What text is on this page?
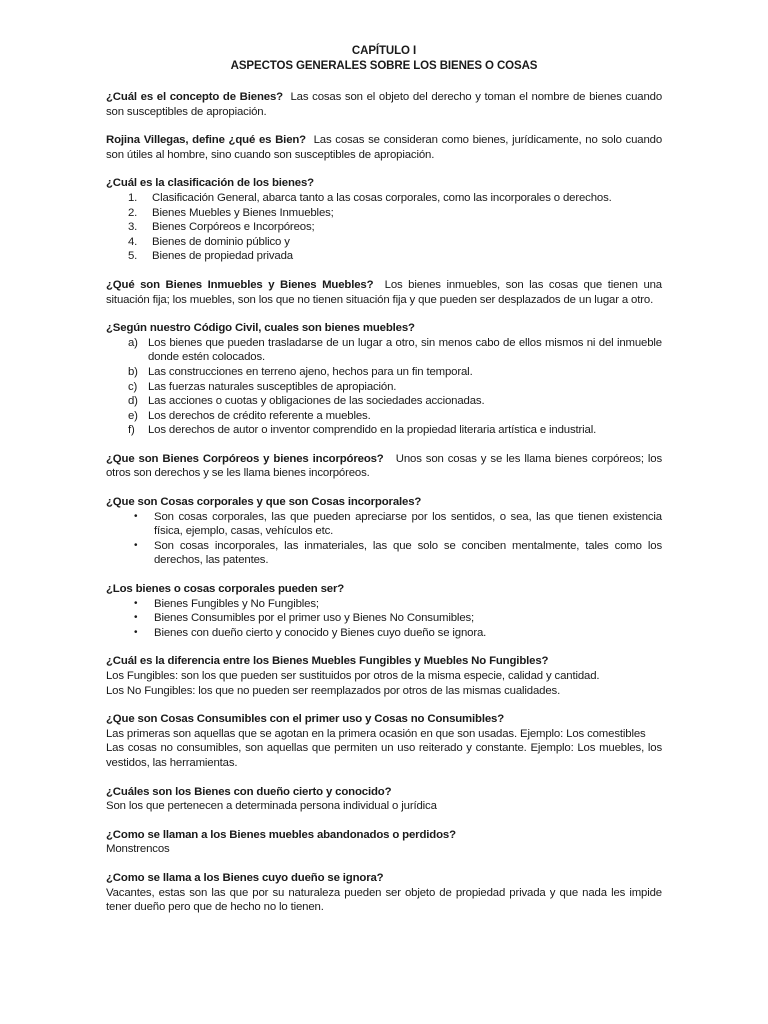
CAPÍTULO I
ASPECTOS GENERALES SOBRE LOS BIENES O COSAS

¿Cuál es el concepto de Bienes? Las cosas son el objeto del derecho y toman el nombre de bienes cuando son susceptibles de apropiación.

Rojina Villegas, define ¿qué es Bien? Las cosas se consideran como bienes, jurídicamente, no solo cuando son útiles al hombre, sino cuando son susceptibles de apropiación.

¿Cuál es la clasificación de los bienes?

1.	Clasificación General, abarca tanto a las cosas corporales, como las incorporales o derechos.
2.	Bienes Muebles y Bienes Inmuebles;
3.	Bienes Corpóreos e Incorpóreos;
4.	Bienes de dominio público y
5.	Bienes de propiedad privada

¿Qué son Bienes Inmuebles y Bienes Muebles? Los bienes inmuebles, son las cosas que tienen una situación fija; los muebles, son los que no tienen situación fija y que pueden ser desplazados de un lugar a otro.

¿Según nuestro Código Civil, cuales son bienes muebles?

a) Los bienes que pueden trasladarse de un lugar a otro, sin menos cabo de ellos mismos ni del inmueble donde estén colocados.
b) Las construcciones en terreno ajeno, hechos para un fin temporal.
c) Las fuerzas naturales susceptibles de apropiación.
d) Las acciones o cuotas y obligaciones de las sociedades accionadas.
e) Los derechos de crédito referente a muebles.
f)	Los derechos de autor o inventor comprendido en la propiedad literaria artística e industrial.

¿Que son Bienes Corpóreos y bienes incorpóreos? Unos son cosas y se les llama bienes corpóreos; los otros son derechos y se les llama bienes incorpóreos.

¿Que son Cosas corporales y que son Cosas incorporales?

•	Son cosas corporales, las que pueden apreciarse por los sentidos, o sea, las que tienen existencia física, ejemplo, casas, vehículos etc.
•	Son cosas incorporales, las inmateriales, las que solo se conciben mentalmente, tales como los derechos, las patentes.

¿Los bienes o cosas corporales pueden ser?

•	Bienes Fungibles y No Fungibles;
•	Bienes Consumibles por el primer uso y Bienes No Consumibles;
•	Bienes con dueño cierto y conocido y Bienes cuyo dueño se ignora.

¿Cuál es la diferencia entre los Bienes Muebles Fungibles y Muebles No Fungibles?

Los Fungibles: son los que pueden ser sustituidos por otros de la misma especie, calidad y cantidad.

Los No Fungibles: los que no pueden ser reemplazados por otros de las mismas cualidades.

¿Que son Cosas Consumibles con el primer uso y Cosas no Consumibles?

Las primeras son aquellas que se agotan en la primera ocasión en que son usadas. Ejemplo: Los comestibles

Las cosas no consumibles, son aquellas que permiten un uso reiterado y constante. Ejemplo: Los muebles, los vestidos, las herramientas.

¿Cuáles son los Bienes con dueño cierto y conocido?

Son los que pertenecen a determinada persona individual o jurídica

¿Como se llaman a los Bienes muebles abandonados o perdidos?

Monstrencos

¿Como se llama a los Bienes cuyo dueño se ignora?

Vacantes, estas son las que por su naturaleza pueden ser objeto de propiedad privada y que nada les impide tener dueño pero que de hecho no lo tienen.
